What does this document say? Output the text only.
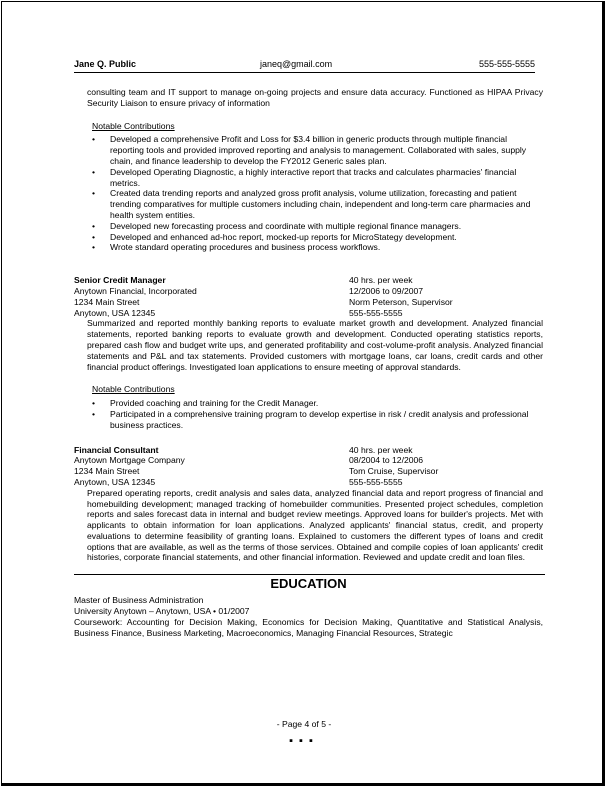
Jane Q. Public	janeq@gmail.com	555-555-5555

consulting team and IT support to manage on-going projects and ensure data accuracy. Functioned as HIPAA Privacy Security Liaison to ensure privacy of information

Notable Contributions
• Developed a comprehensive Profit and Loss for $3.4 billion in generic products through multiple financial reporting tools and provided improved reporting and analysis to management. Collaborated with sales, supply chain, and finance leadership to develop the FY2012 Generic sales plan.
• Developed Operating Diagnostic, a highly interactive report that tracks and calculates pharmacies' financial metrics.
• Created data trending reports and analyzed gross profit analysis, volume utilization, forecasting and patient trending comparatives for multiple customers including chain, independent and long-term care pharmacies and health system entities.
• Developed new forecasting process and coordinate with multiple regional finance managers.
• Developed and enhanced ad-hoc report, mocked-up reports for MicroStategy development.
• Wrote standard operating procedures and business process workflows.
Senior Credit Manager	40 hrs. per week
Anytown Financial, Incorporated	12/2006 to 09/2007
1234 Main Street	Norm Peterson, Supervisor
Anytown, USA 12345	555-555-5555

Summarized and reported monthly banking reports to evaluate market growth and development. Analyzed financial statements, reported banking reports to evaluate growth and development. Conducted operating statistics reports, prepared cash flow and budget write ups, and generated profitability and cost-volume-profit analysis. Analyzed financial statements and P&L and tax statements. Provided customers with mortgage loans, car loans, credit cards and other financial product offerings. Investigated loan applications to ensure meeting of approval standards.

Notable Contributions
• Provided coaching and training for the Credit Manager.
• Participated in a comprehensive training program to develop expertise in risk / credit analysis and professional business practices.
Financial Consultant	40 hrs. per week
Anytown Mortgage Company	08/2004 to 12/2006
1234 Main Street	Tom Cruise, Supervisor
Anytown, USA 12345	555-555-5555

Prepared operating reports, credit analysis and sales data, analyzed financial data and report progress of financial and homebuilding development; managed tracking of homebuilder communities. Presented project schedules, completion reports and sales forecast data in internal and budget review meetings. Approved loans for builder's projects. Met with applicants to obtain information for loan applications. Analyzed applicants' financial status, credit, and property evaluations to determine feasibility of granting loans. Explained to customers the different types of loans and credit options that are available, as well as the terms of those services. Obtained and compile copies of loan applicants' credit histories, corporate financial statements, and other financial information. Reviewed and update credit and loan files.

EDUCATION
Master of Business Administration
University Anytown – Anytown, USA • 01/2007
Coursework: Accounting for Decision Making, Economics for Decision Making, Quantitative and Statistical Analysis, Business Finance, Business Marketing, Macroeconomics, Managing Financial Resources, Strategic
- Page 4 of 5 -
▪▪▪
